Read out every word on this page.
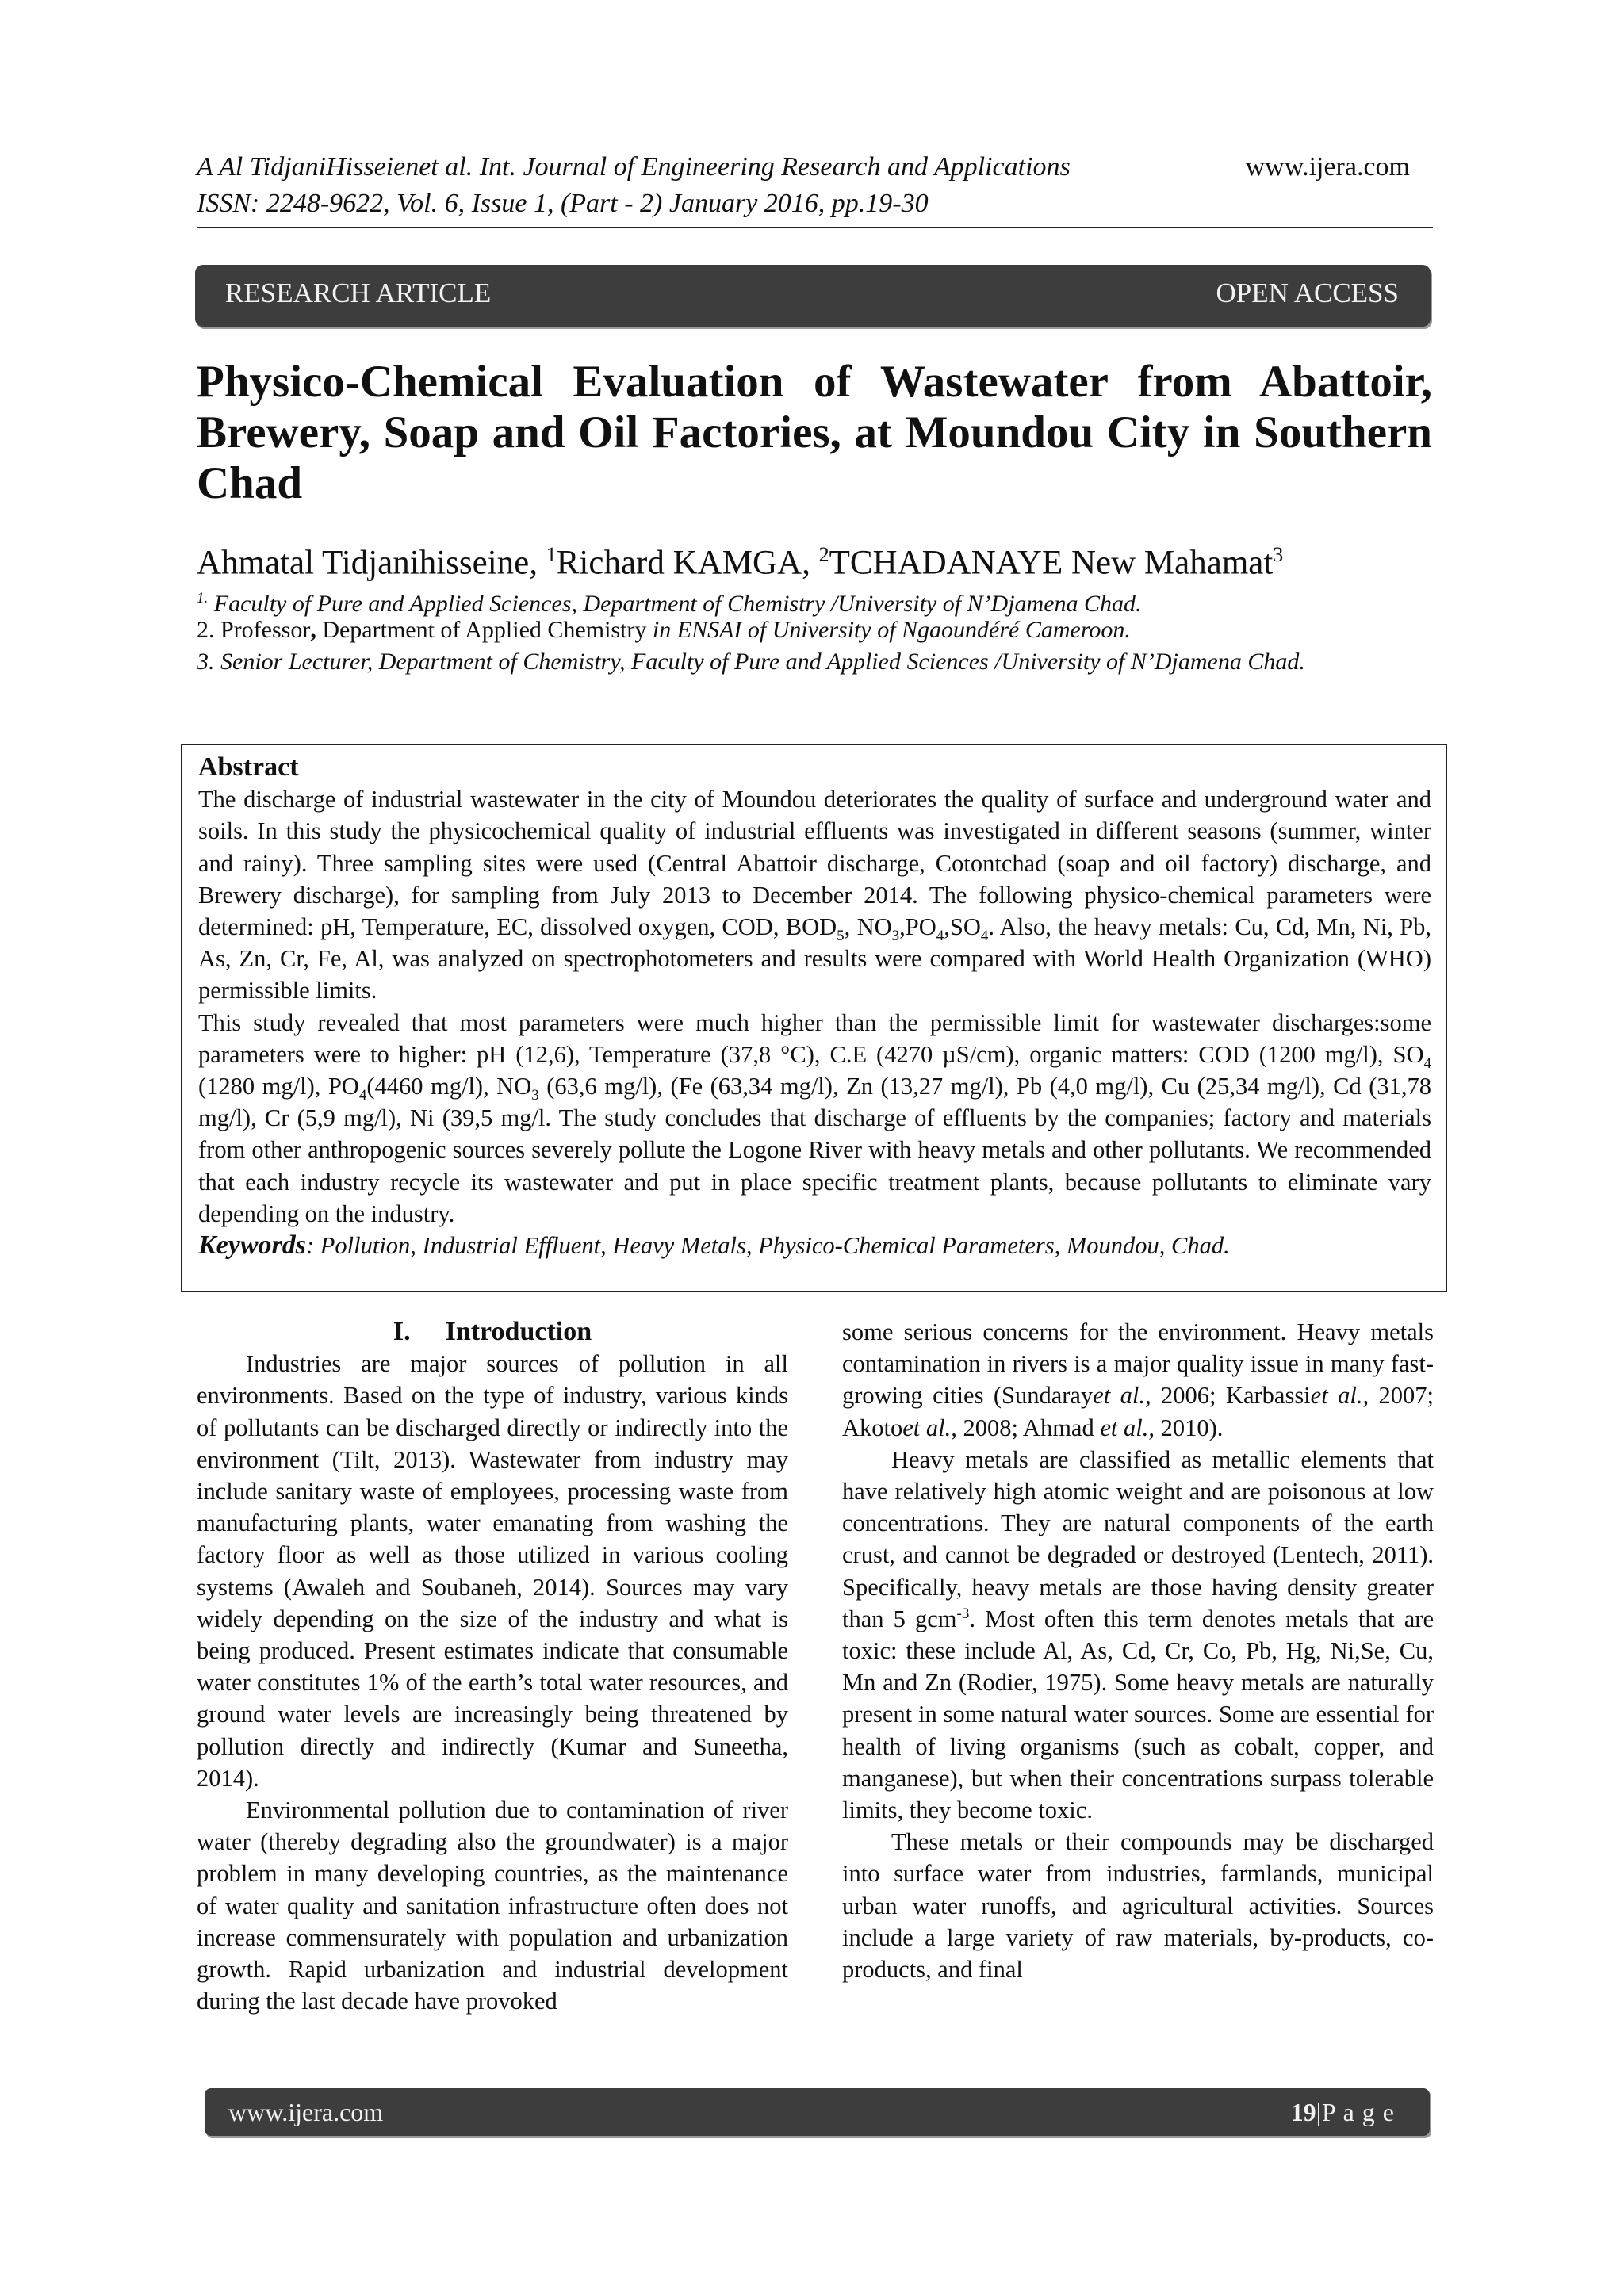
A Al TidjaniHisseienet al. Int. Journal of Engineering Research and Applications	www.ijera.com
ISSN: 2248-9622, Vol. 6, Issue 1, (Part - 2) January 2016, pp.19-30
RESEARCH ARTICLE	OPEN ACCESS
Physico-Chemical Evaluation of Wastewater from Abattoir, Brewery, Soap and Oil Factories, at Moundou City in Southern Chad
Ahmatal Tidjanihisseine, $^1$Richard KAMGA, $^2$TCHADANAYE New Mahamat$^3$
$^{1.}$ Faculty of Pure and Applied Sciences, Department of Chemistry /University of N’Djamena Chad.
2. Professor, Department of Applied Chemistry in ENSAI of University of Ngaoundéré Cameroon.
3. Senior Lecturer, Department of Chemistry, Faculty of Pure and Applied Sciences /University of N’Djamena Chad.
Abstract
The discharge of industrial wastewater in the city of Moundou deteriorates the quality of surface and underground water and soils. In this study the physicochemical quality of industrial effluents was investigated in different seasons (summer, winter and rainy). Three sampling sites were used (Central Abattoir discharge, Cotontchad (soap and oil factory) discharge, and Brewery discharge), for sampling from July 2013 to December 2014. The following physico-chemical parameters were determined: pH, Temperature, EC, dissolved oxygen, COD, $BOD_5$, $NO_3,PO_4,SO_4$. Also, the heavy metals: Cu, Cd, Mn, Ni, Pb, As, Zn, Cr, Fe, Al, was analyzed on spectrophotometers and results were compared with World Health Organization (WHO) permissible limits.
This study revealed that most parameters were much higher than the permissible limit for wastewater discharges:some parameters were to higher: pH (12,6), Temperature (37,8 °C), C.E (4270 µS/cm), organic matters: COD (1200 mg/l), $SO_4$ (1280 mg/l), $PO_4(4460$ mg/l), $NO_3$ (63,6 mg/l), (Fe (63,34 mg/l), Zn (13,27 mg/l), Pb (4,0 mg/l), Cu (25,34 mg/l), Cd (31,78 mg/l), Cr (5,9 mg/l), Ni (39,5 mg/l. The study concludes that discharge of effluents by the companies; factory and materials from other anthropogenic sources severely pollute the Logone River with heavy metals and other pollutants. We recommended that each industry recycle its wastewater and put in place specific treatment plants, because pollutants to eliminate vary depending on the industry.
Keywords: Pollution, Industrial Effluent, Heavy Metals, Physico-Chemical Parameters, Moundou, Chad.
I. Introduction

Industries are major sources of pollution in all environments. Based on the type of industry, various kinds of pollutants can be discharged directly or indirectly into the environment (Tilt, 2013). Wastewater from industry may include sanitary waste of employees, processing waste from manufacturing plants, water emanating from washing the factory floor as well as those utilized in various cooling systems (Awaleh and Soubaneh, 2014). Sources may vary widely depending on the size of the industry and what is being produced. Present estimates indicate that consumable water constitutes 1% of the earth’s total water resources, and ground water levels are increasingly being threatened by pollution directly and indirectly (Kumar and Suneetha, 2014).

Environmental pollution due to contamination of river water (thereby degrading also the groundwater) is a major problem in many developing countries, as the maintenance of water quality and sanitation infrastructure often does not increase commensurately with population and urbanization growth. Rapid urbanization and industrial development during the last decade have provoked

some serious concerns for the environment. Heavy metals contamination in rivers is a major quality issue in many fast-growing cities (Sundarayet al., 2006; Karbassiet al., 2007; Akotoet al., 2008; Ahmad et al., 2010).

Heavy metals are classified as metallic elements that have relatively high atomic weight and are poisonous at low concentrations. They are natural components of the earth crust, and cannot be degraded or destroyed (Lentech, 2011). Specifically, heavy metals are those having density greater than 5 gcm$^{-3}$. Most often this term denotes metals that are toxic: these include Al, As, Cd, Cr, Co, Pb, Hg, Ni,Se, Cu, Mn and Zn (Rodier, 1975). Some heavy metals are naturally present in some natural water sources. Some are essential for health of living organisms (such as cobalt, copper, and manganese), but when their concentrations surpass tolerable limits, they become toxic.

These metals or their compounds may be discharged into surface water from industries, farmlands, municipal urban water runoffs, and agricultural activities. Sources include a large variety of raw materials, by-products, co-products, and final

www.ijera.com	19|P a g e
